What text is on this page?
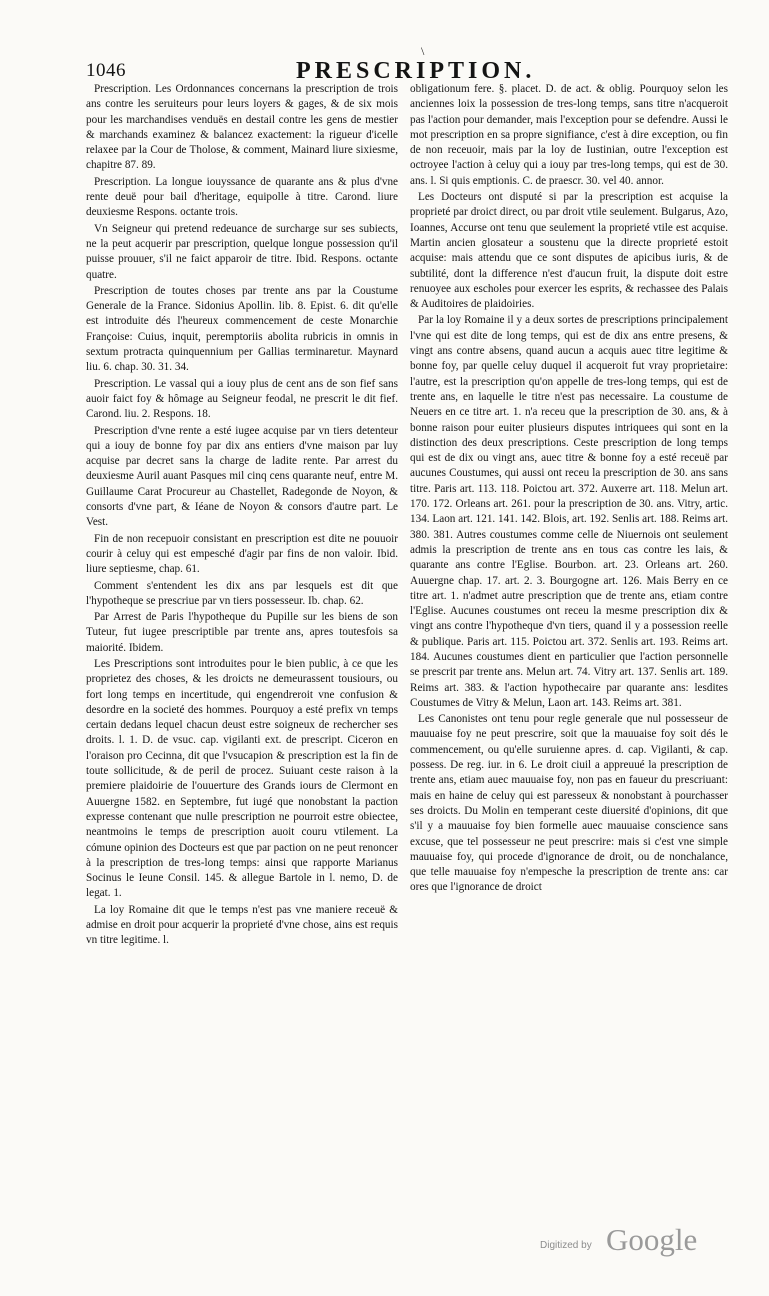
1046	PRESCRIPTION.
\

Prescription. Les Ordonnances concernans la prescription de trois ans contre les seruiteurs pour leurs loyers & gages, & de six mois pour les marchandises venduës en destail contre les gens de mestier & marchands examinez & balancez exactement: la rigueur d'icelle relaxee par la Cour de Tholose, & comment, Mainard liure sixiesme, chapitre 87. 89.

Prescription. La longue iouyssance de quarante ans & plus d'vne rente deuë pour bail d'heritage, equipolle à titre. Carond. liure deuxiesme Respons. octante trois.

Vn Seigneur qui pretend redeuance de surcharge sur ses subiects, ne la peut acquerir par prescription, quelque longue possession qu'il puisse prouuer, s'il ne faict apparoir de titre. Ibid. Respons. octante quatre.

Prescription de toutes choses par trente ans par la Coustume Generale de la France. Sidonius Apollin. lib. 8. Epist. 6. dit qu'elle est introduite dés l'heureux commencement de ceste Monarchie Françoise: Cuius, inquit, peremptoriis abolita rubricis in omnis in sextum protracta quinquennium per Gallias terminaretur. Maynard liu. 6. chap. 30. 31. 34.

Prescription. Le vassal qui a iouy plus de cent ans de son fief sans auoir faict foy & hômage au Seigneur feodal, ne prescrit le dit fief. Carond. liu. 2. Respons. 18.

Prescription d'vne rente a esté iugee acquise par vn tiers detenteur qui a iouy de bonne foy par dix ans entiers d'vne maison par luy acquise par decret sans la charge de ladite rente. Par arrest du deuxiesme Auril auant Pasques mil cinq cens quarante neuf, entre M. Guillaume Carat Procureur au Chastellet, Radegonde de Noyon, & consorts d'vne part, & Iéane de Noyon & consors d'autre part. Le Vest.

Fin de non recepuoir consistant en prescription est dite ne pouuoir courir à celuy qui est empesché d'agir par fins de non valoir. Ibid. liure septiesme, chap. 61.

Comment s'entendent les dix ans par lesquels est dit que l'hypotheque se prescriue par vn tiers possesseur. Ib. chap. 62.

Par Arrest de Paris l'hypotheque du Pupille sur les biens de son Tuteur, fut iugee prescriptible par trente ans, apres toutesfois sa maiorité. Ibidem.

Les Prescriptions sont introduites pour le bien public, à ce que les proprietez des choses, & les droicts ne demeurassent tousiours, ou fort long temps en incertitude, qui engendreroit vne confusion & desordre en la societé des hommes. Pourquoy a esté prefix vn temps certain dedans lequel chacun deust estre soigneux de rechercher ses droits. l. 1. D. de vsuc. cap. vigilanti ext. de prescript. Ciceron en l'oraison pro Cecinna, dit que l'vsucapion & prescription est la fin de toute sollicitude, & de peril de procez. Suiuant ceste raison à la premiere plaidoirie de l'ouuerture des Grands iours de Clermont en Auuergne 1582. en Septembre, fut iugé que nonobstant la paction expresse contenant que nulle prescription ne pourroit estre obiectee, neantmoins le temps de prescription auoit couru vtilement. La cómune opinion des Docteurs est que par paction on ne peut renoncer à la prescription de tres-long temps: ainsi que rapporte Marianus Socinus le Ieune Consil. 145. & allegue Bartole in l. nemo, D. de legat. 1.

La loy Romaine dit que le temps n'est pas vne maniere receuë & admise en droit pour acquerir la proprieté d'vne chose, ains est requis vn titre legitime. l.

obligationum fere. §. placet. D. de act. & oblig. Pourquoy selon les anciennes loix la possession de tres-long temps, sans titre n'acqueroit pas l'action pour demander, mais l'exception pour se defendre. Aussi le mot prescription en sa propre signifiance, c'est à dire exception, ou fin de non receuoir, mais par la loy de Iustinian, outre l'exception est octroyee l'action à celuy qui a iouy par tres-long temps, qui est de 30. ans. l. Si quis emptionis. C. de praescr. 30. vel 40. annor.

Les Docteurs ont disputé si par la prescription est acquise la proprieté par droict direct, ou par droit vtile seulement. Bulgarus, Azo, Ioannes, Accurse ont tenu que seulement la proprieté vtile est acquise. Martin ancien glosateur a soustenu que la directe proprieté estoit acquise: mais attendu que ce sont disputes de apicibus iuris, & de subtilité, dont la difference n'est d'aucun fruit, la dispute doit estre renuoyee aux escholes pour exercer les esprits, & rechassee des Palais & Auditoires de plaidoiries.

Par la loy Romaine il y a deux sortes de prescriptions principalement l'vne qui est dite de long temps, qui est de dix ans entre presens, & vingt ans contre absens, quand aucun a acquis auec titre legitime & bonne foy, par quelle celuy duquel il acqueroit fut vray proprietaire: l'autre, est la prescription qu'on appelle de tres-long temps, qui est de trente ans, en laquelle le titre n'est pas necessaire. La coustume de Neuers en ce titre art. 1. n'a receu que la prescription de 30. ans, & à bonne raison pour euiter plusieurs disputes intriquees qui sont en la distinction des deux prescriptions. Ceste prescription de long temps qui est de dix ou vingt ans, auec titre & bonne foy a esté receuë par aucunes Coustumes, qui aussi ont receu la prescription de 30. ans sans titre. Paris art. 113. 118. Poictou art. 372. Auxerre art. 118. Melun art. 170. 172. Orleans art. 261. pour la prescription de 30. ans. Vitry, artic. 134. Laon art. 121. 141. 142. Blois, art. 192. Senlis art. 188. Reims art. 380. 381. Autres coustumes comme celle de Niuernois ont seulement admis la prescription de trente ans en tous cas contre les lais, & quarante ans contre l'Eglise. Bourbon. art. 23. Orleans art. 260. Auuergne chap. 17. art. 2. 3. Bourgogne art. 126. Mais Berry en ce titre art. 1. n'admet autre prescription que de trente ans, etiam contre l'Eglise. Aucunes coustumes ont receu la mesme prescription dix & vingt ans contre l'hypotheque d'vn tiers, quand il y a possession reelle & publique. Paris art. 115. Poictou art. 372. Senlis art. 193. Reims art. 184. Aucunes coustumes dient en particulier que l'action personnelle se prescrit par trente ans. Melun art. 74. Vitry art. 137. Senlis art. 189. Reims art. 383. & l'action hypothecaire par quarante ans: lesdites Coustumes de Vitry & Melun, Laon art. 143. Reims art. 381.

Les Canonistes ont tenu pour regle generale que nul possesseur de mauuaise foy ne peut prescrire, soit que la mauuaise foy soit dés le commencement, ou qu'elle suruienne apres. d. cap. Vigilanti, & cap. possess. De reg. iur. in 6. Le droit ciuil a appreuué la prescription de trente ans, etiam auec mauuaise foy, non pas en faueur du prescriuant: mais en haine de celuy qui est paresseux & nonobstant à pourchasser ses droicts. Du Molin en temperant ceste diuersité d'opinions, dit que s'il y a mauuaise foy bien formelle auec mauuaise conscience sans excuse, que tel possesseur ne peut prescrire: mais si c'est vne simple mauuaise foy, qui procede d'ignorance de droit, ou de nonchalance, que telle mauuaise foy n'empesche la prescription de trente ans: car ores que l'ignorance de droict

Digitized by Google
